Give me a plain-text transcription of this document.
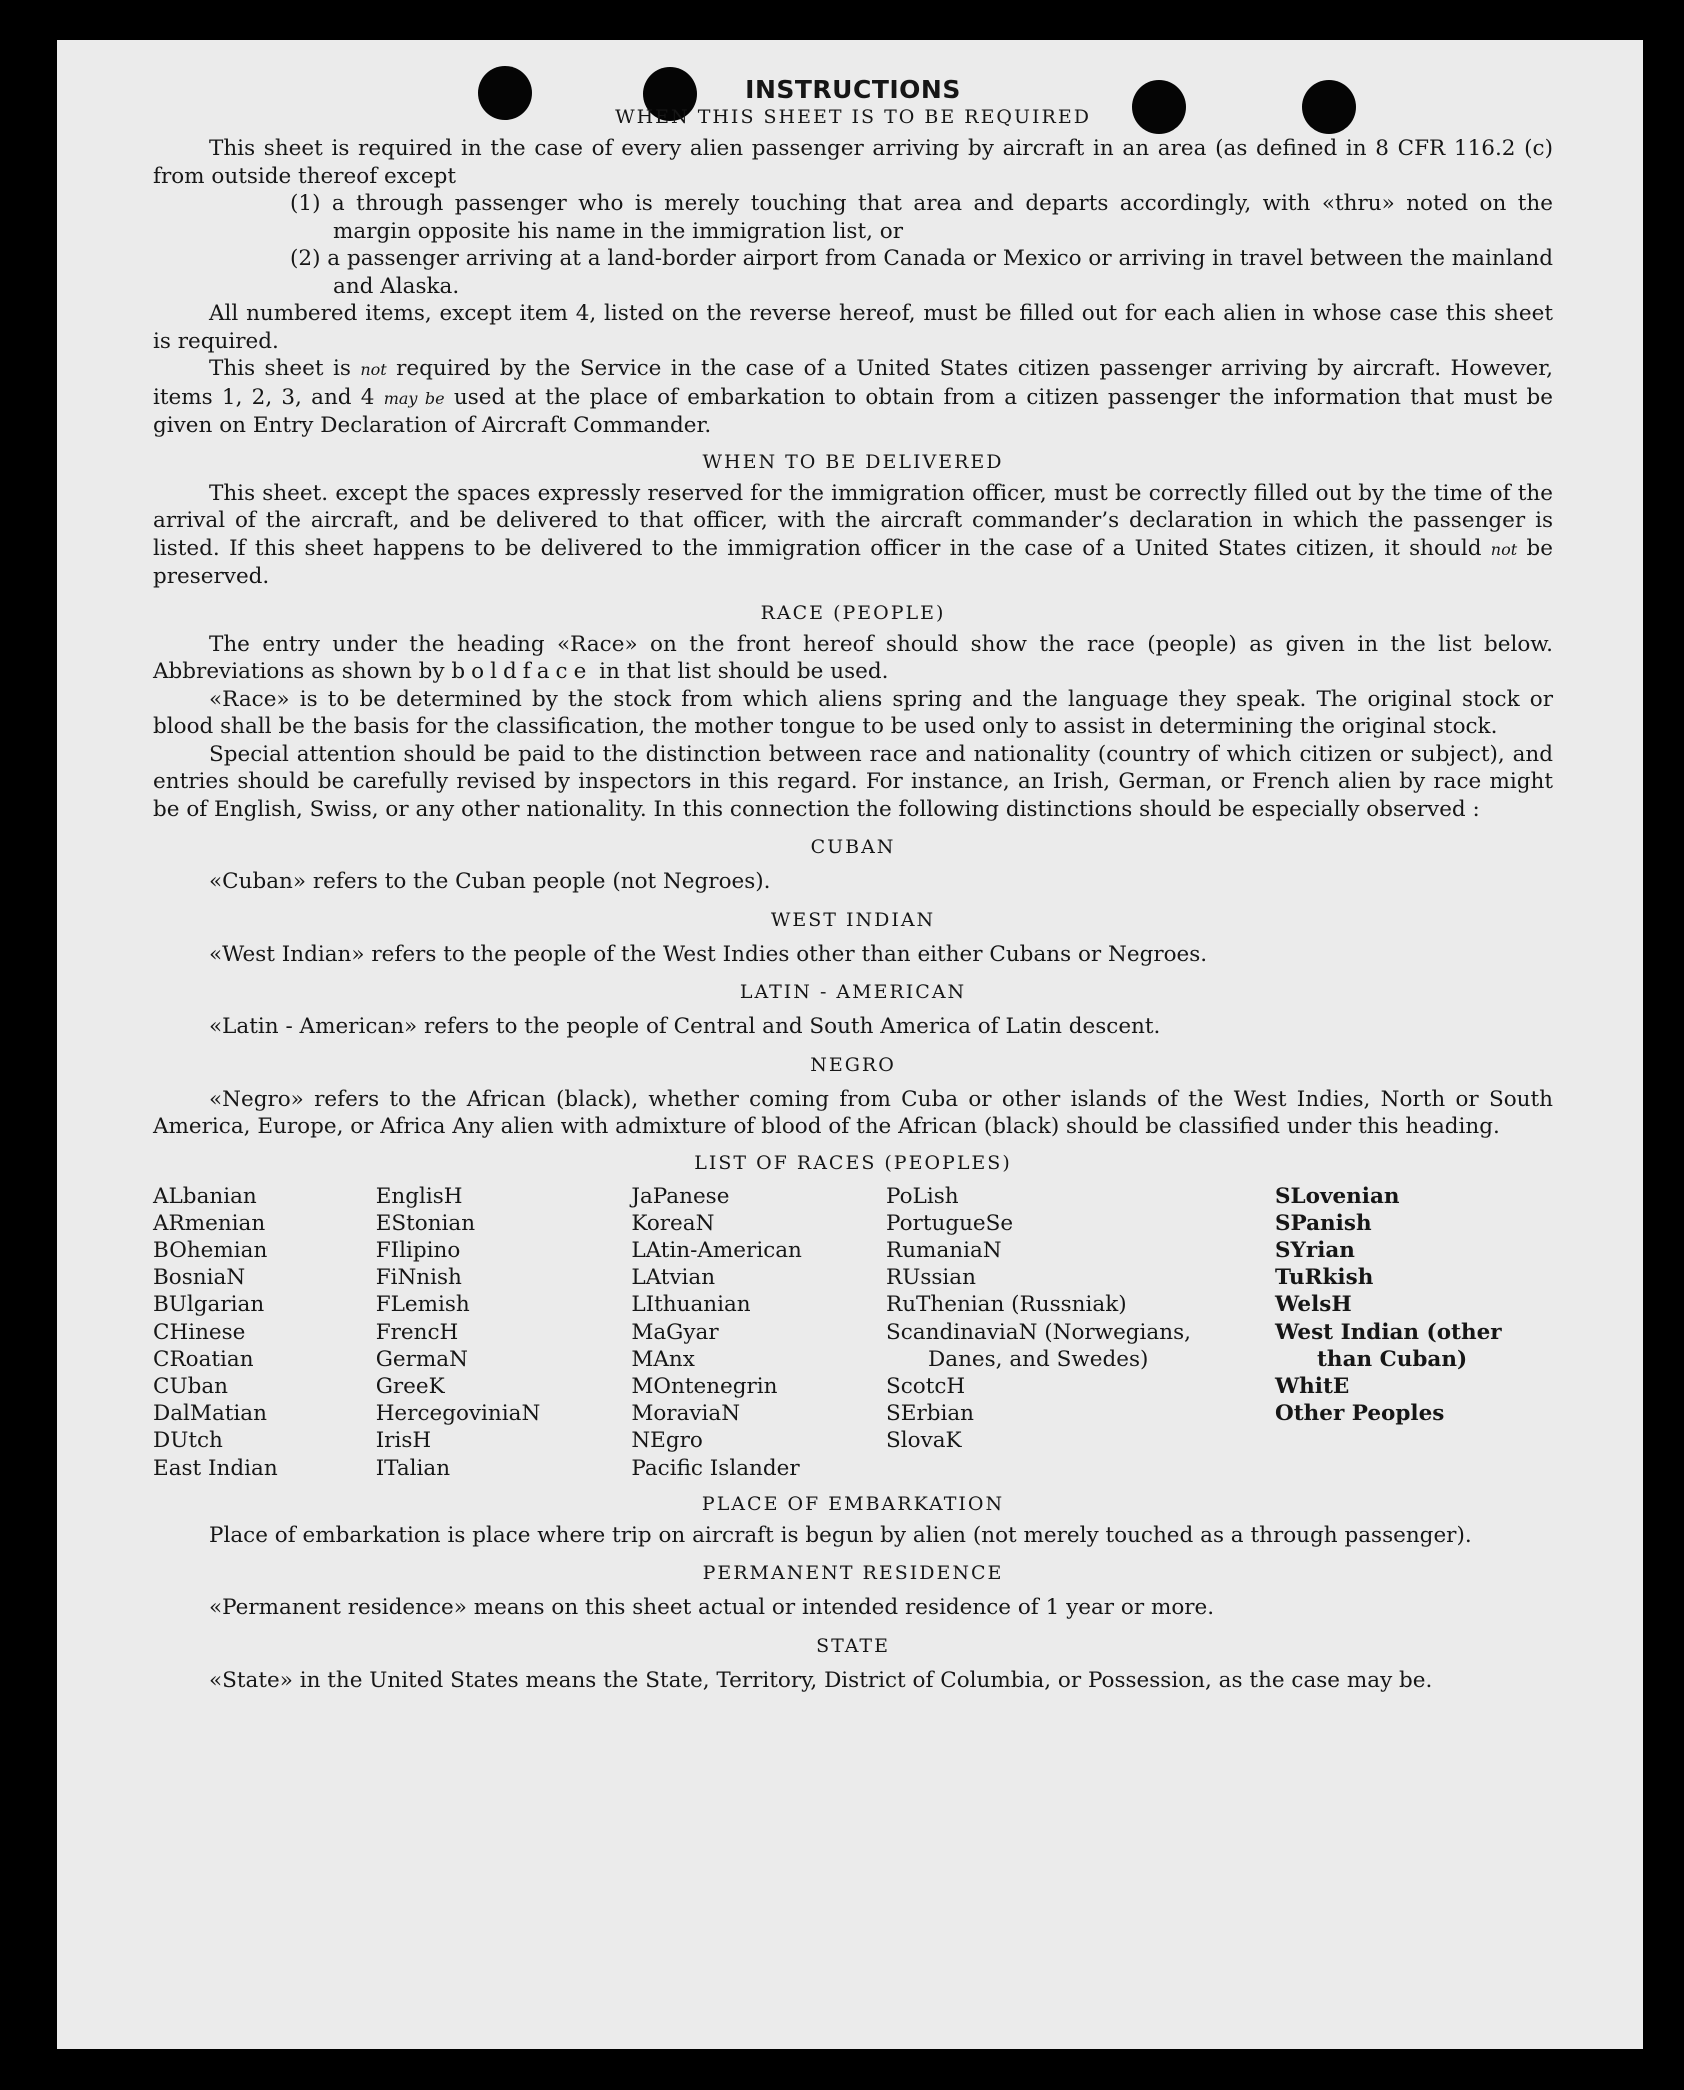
INSTRUCTIONS
WHEN THIS SHEET IS TO BE REQUIRED

This sheet is required in the case of every alien passenger arriving by aircraft in an area (as defined in 8 CFR 116.2 (c) from outside thereof except

(1) a through passenger who is merely touching that area and departs accordingly, with «thru» noted on the margin opposite his name in the immigration list, or

(2) a passenger arriving at a land-border airport from Canada or Mexico or arriving in travel between the mainland and Alaska.

All numbered items, except item 4, listed on the reverse hereof, must be filled out for each alien in whose case this sheet is required.

This sheet is not required by the Service in the case of a United States citizen passenger arriving by aircraft. However, items 1, 2, 3, and 4 may be used at the place of embarkation to obtain from a citizen passenger the information that must be given on Entry Declaration of Aircraft Commander.

WHEN TO BE DELIVERED

This sheet. except the spaces expressly reserved for the immigration officer, must be correctly filled out by the time of the arrival of the aircraft, and be delivered to that officer, with the aircraft commander’s declaration in which the passenger is listed. If this sheet happens to be delivered to the immigration officer in the case of a United States citizen, it should not be preserved.

RACE (PEOPLE)

The entry under the heading «Race» on the front hereof should show the race (people) as given in the list below. Abbreviations as shown by boldface in that list should be used.

«Race» is to be determined by the stock from which aliens spring and the language they speak. The original stock or blood shall be the basis for the classification, the mother tongue to be used only to assist in determining the original stock.

Special attention should be paid to the distinction between race and nationality (country of which citizen or subject), and entries should be carefully revised by inspectors in this regard. For instance, an Irish, German, or French alien by race might be of English, Swiss, or any other nationality. In this connection the following distinctions should be especially observed :

CUBAN

«Cuban» refers to the Cuban people (not Negroes).

WEST INDIAN

«West Indian» refers to the people of the West Indies other than either Cubans or Negroes.

LATIN - AMERICAN

«Latin - American» refers to the people of Central and South America of Latin descent.

NEGRO

«Negro» refers to the African (black), whether coming from Cuba or other islands of the West Indies, North or South America, Europe, or Africa Any alien with admixture of blood of the African (black) should be classified under this heading.

LIST OF RACES (PEOPLES)
ALbanian
ARmenian
BOhemian
BosniaN
BUlgarian
CHinese
CRoatian
CUban
DalMatian
DUtch
East Indian

EnglisH
EStonian
FIlipino
FiNnish
FLemish
FrencH
GermaN
GreeK
HercegoviniaN
IrisH
ITalian

JaPanese
KoreaN
LAtin-American
LAtvian
LIthuanian
MaGyar
MAnx
MOntenegrin
MoraviaN
NEgro
Pacific Islander

PoLish
PortugueSe
RumaniaN
RUssian
RuThenian (Russniak)
ScandinaviaN (Norwegians, Danes, and Swedes)
ScotcH
SErbian
SlovaK

SLovenian
SPanish
SYrian
TuRkish
WelsH
West Indian (other than Cuban)
WhitE
Other Peoples
PLACE OF EMBARKATION

Place of embarkation is place where trip on aircraft is begun by alien (not merely touched as a through passenger).

PERMANENT RESIDENCE

«Permanent residence» means on this sheet actual or intended residence of 1 year or more.

STATE

«State» in the United States means the State, Territory, District of Columbia, or Possession, as the case may be.
